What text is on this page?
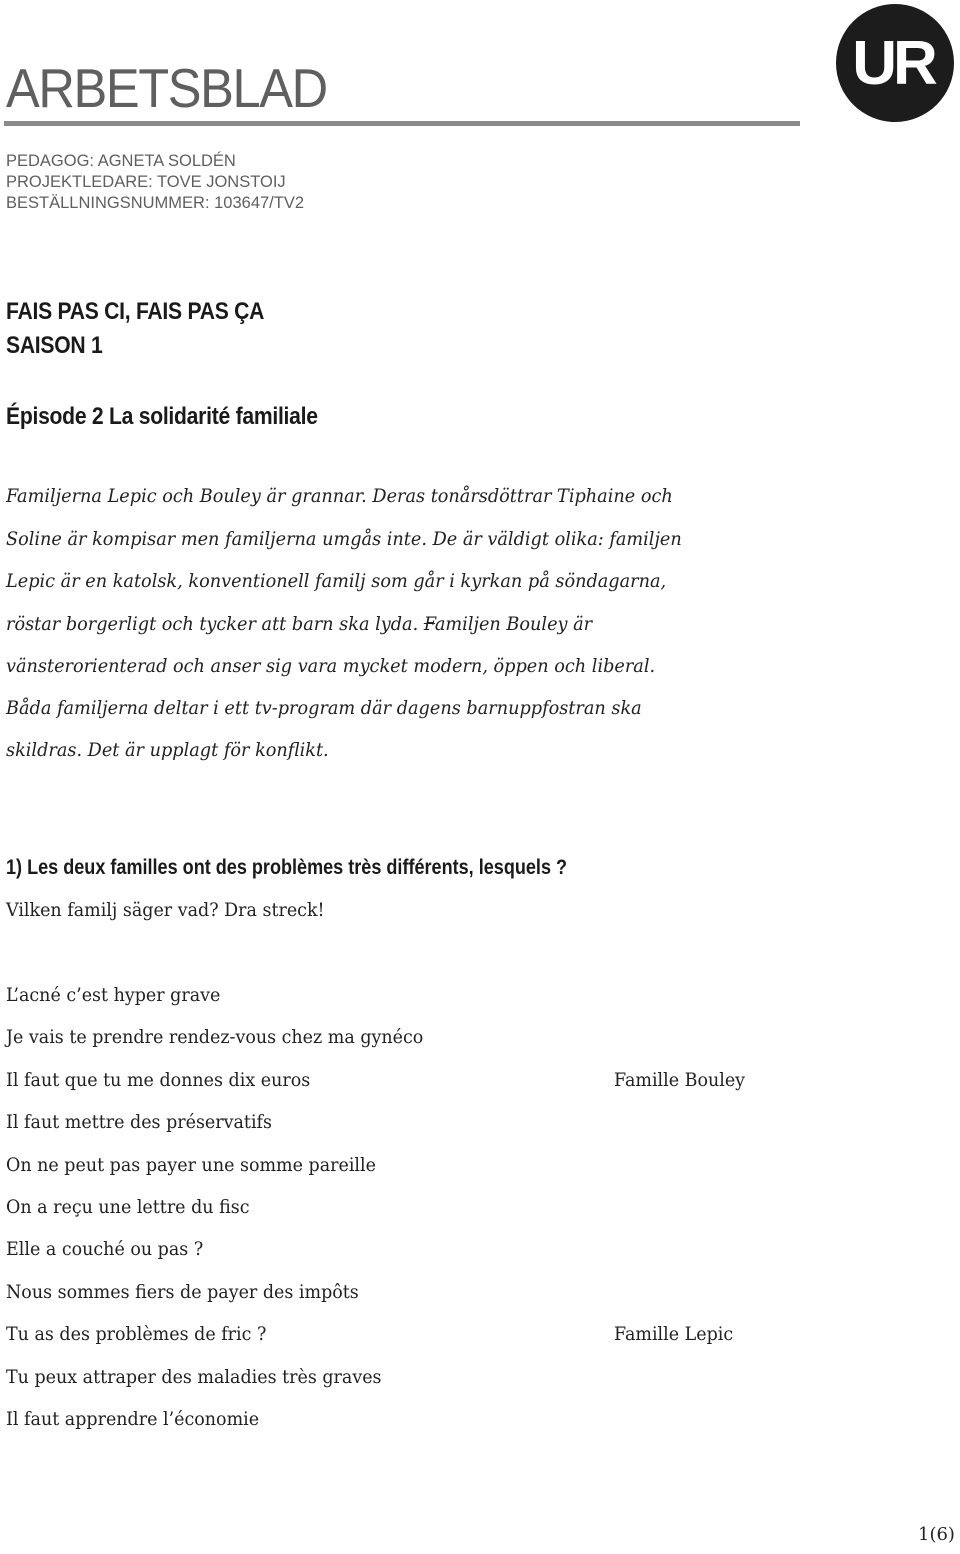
UR
ARBETSBLAD
PEDAGOG: AGNETA SOLDÉN
PROJEKTLEDARE: TOVE JONSTOIJ
BESTÄLLNINGSNUMMER: 103647/TV2
FAIS PAS CI, FAIS PAS ÇA
SAISON 1
Épisode 2 La solidarité familiale
Familjerna Lepic och Bouley är grannar. Deras tonårsdöttrar Tiphaine och
Soline är kompisar men familjerna umgås inte. De är väldigt olika: familjen
Lepic är en katolsk, konventionell familj som går i kyrkan på söndagarna,
röstar borgerligt och tycker att barn ska lyda. Familjen Bouley är
vänsterorienterad och anser sig vara mycket modern, öppen och liberal.
Båda familjerna deltar i ett tv-program där dagens barnuppfostran ska
skildras. Det är upplagt för konflikt.
1) Les deux familles ont des problèmes très différents, lesquels ?
Vilken familj säger vad? Dra streck!
L’acné c’est hyper grave
Je vais te prendre rendez-vous chez ma gynéco
Il faut que tu me donnes dix euros
Il faut mettre des préservatifs
On ne peut pas payer une somme pareille
On a reçu une lettre du fisc
Elle a couché ou pas ?
Nous sommes fiers de payer des impôts
Tu as des problèmes de fric ?
Tu peux attraper des maladies très graves
Il faut apprendre l’économie
Famille Bouley
Famille Lepic
1(6)
